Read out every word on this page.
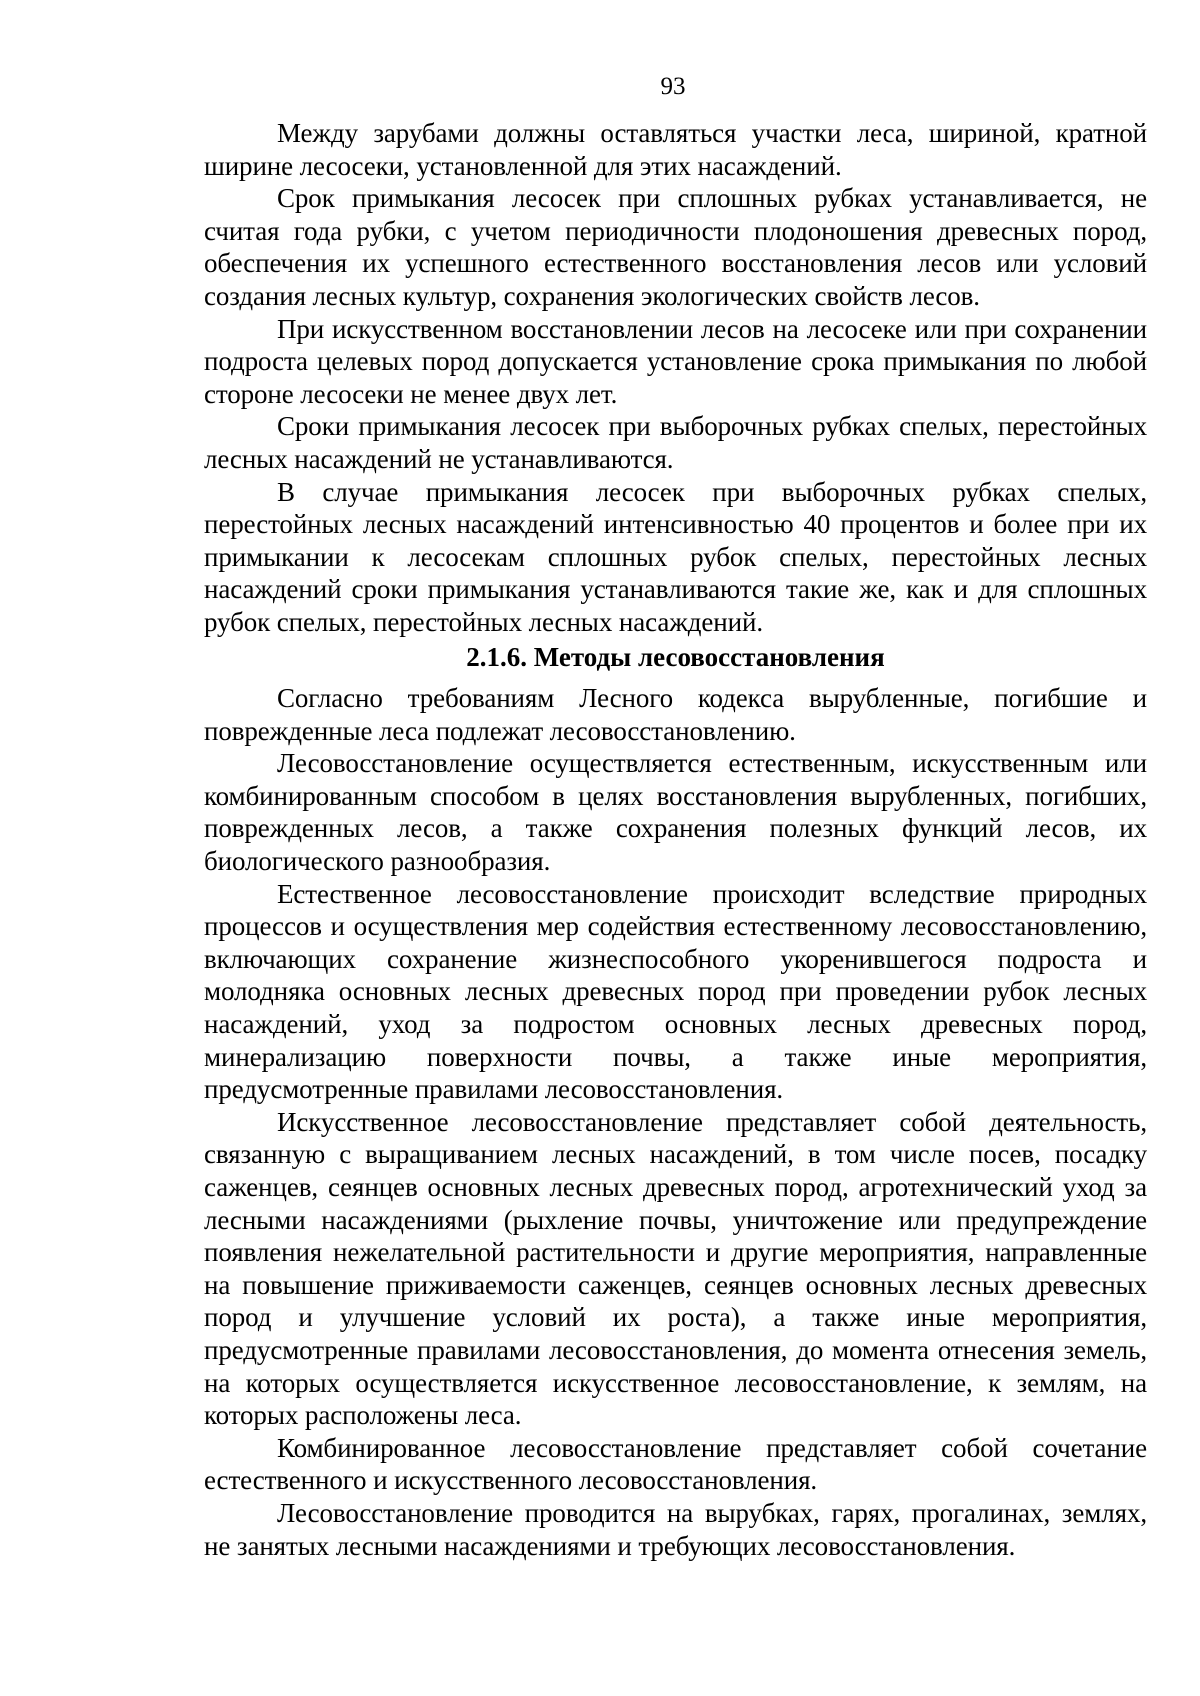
93

Между зарубами должны оставляться участки леса, шириной, кратной ширине лесосеки, установленной для этих насаждений.

Срок примыкания лесосек при сплошных рубках устанавливается, не считая года рубки, с учетом периодичности плодоношения древесных пород, обеспечения их успешного естественного восстановления лесов или условий создания лесных культур, сохранения экологических свойств лесов.

При искусственном восстановлении лесов на лесосеке или при сохранении подроста целевых пород допускается установление срока примыкания по любой стороне лесосеки не менее двух лет.

Сроки примыкания лесосек при выборочных рубках спелых, перестойных лесных насаждений не устанавливаются.

В случае примыкания лесосек при выборочных рубках спелых, перестойных лесных насаждений интенсивностью 40 процентов и более при их примыкании к лесосекам сплошных рубок спелых, перестойных лесных насаждений сроки примыкания устанавливаются такие же, как и для сплошных рубок спелых, перестойных лесных насаждений.

2.1.6. Методы лесовосстановления

Согласно требованиям Лесного кодекса вырубленные, погибшие и поврежденные леса подлежат лесовосстановлению.

Лесовосстановление осуществляется естественным, искусственным или комбинированным способом в целях восстановления вырубленных, погибших, поврежденных лесов, а также сохранения полезных функций лесов, их биологического разнообразия.

Естественное лесовосстановление происходит вследствие природных процессов и осуществления мер содействия естественному лесовосстановлению, включающих сохранение жизнеспособного укоренившегося подроста и молодняка основных лесных древесных пород при проведении рубок лесных насаждений, уход за подростом основных лесных древесных пород, минерализацию поверхности почвы, а также иные мероприятия, предусмотренные правилами лесовосстановления.

Искусственное лесовосстановление представляет собой деятельность, связанную с выращиванием лесных насаждений, в том числе посев, посадку саженцев, сеянцев основных лесных древесных пород, агротехнический уход за лесными насаждениями (рыхление почвы, уничтожение или предупреждение появления нежелательной растительности и другие мероприятия, направленные на повышение приживаемости саженцев, сеянцев основных лесных древесных пород и улучшение условий их роста), а также иные мероприятия, предусмотренные правилами лесовосстановления, до момента отнесения земель, на которых осуществляется искусственное лесовосстановление, к землям, на которых расположены леса.

Комбинированное лесовосстановление представляет собой сочетание естественного и искусственного лесовосстановления.

Лесовосстановление проводится на вырубках, гарях, прогалинах, землях, не занятых лесными насаждениями и требующих лесовосстановления.
